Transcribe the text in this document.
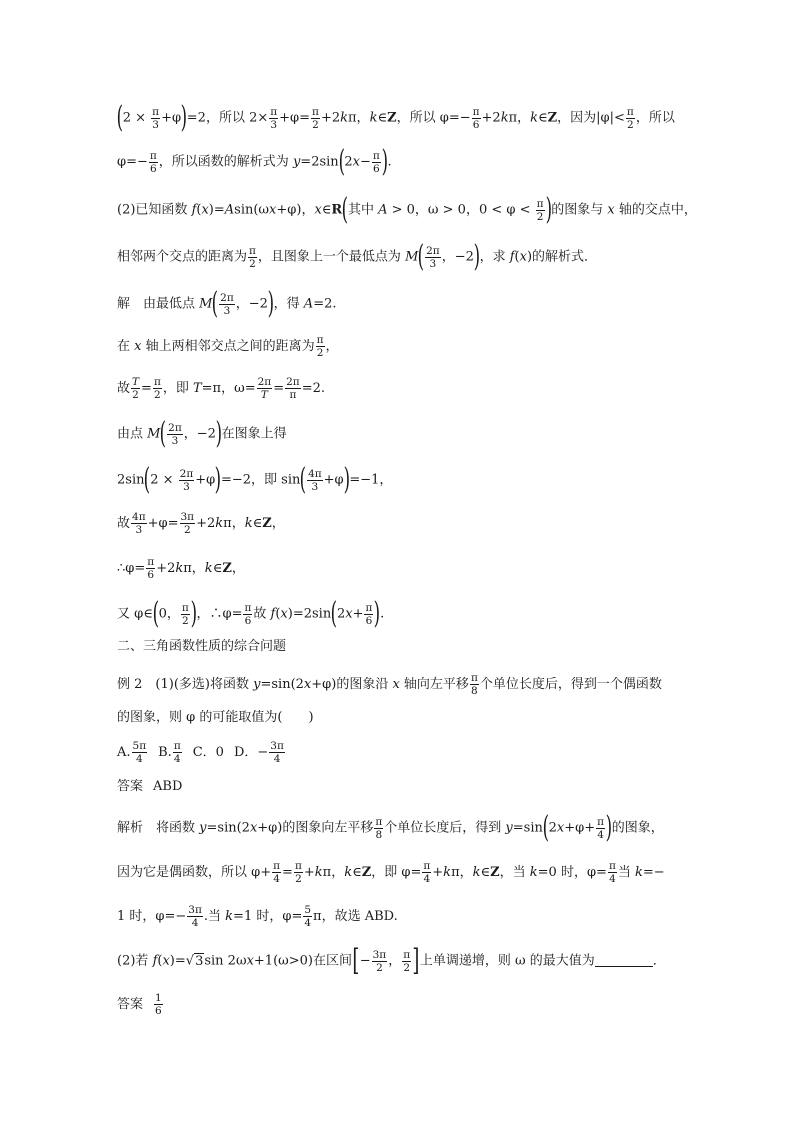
$(2 \times \frac{\pi}{3} +\varphi)=2$，所以 $2\times \frac{\pi}{3} +\varphi= \frac{\pi}{2} +2k\pi$，k∈Z，所以 $\varphi=- \frac{\pi}{6} +2k\pi$，k∈Z，因为$|\varphi|< \frac{\pi}{2}$ ，所以
$\varphi=- \frac{\pi}{6}$ ，所以函数的解析式为 $y=2\sin(2x- \frac{\pi}{6}$ ).
(2)已知函数 f(x)=Asin(ωx+φ)，x∈R(其中 A > 0，ω > 0，$0 < \varphi < \frac{\pi}{2}$ )的图象与 x 轴的交点中，
相邻两个交点的距离为 $\frac{\pi}{2}$ ，且图象上一个最低点为 $M( \frac{2\pi}{3}$ ，−2)，求 f(x)的解析式．
解　由最低点 $M( \frac{2\pi}{3}$ ，−2)，得 A=2.
在 x 轴上两相邻交点之间的距离为 $\frac{\pi}{2}$ ，
故 $\frac{T}{2} = \frac{\pi}{2}$ ，即 T=π，$\omega= \frac{2\pi}{T} = \frac{2\pi}{\pi} =2$.
由点 $M( \frac{2\pi}{3}$ ，−2)在图象上得
$2\sin(2 \times \frac{2\pi}{3} +\varphi)=-2$，即 $\sin( \frac{4\pi}{3} +\varphi)=-1$，
故 $\frac{4\pi}{3} +\varphi= \frac{3\pi}{2} +2k\pi$，k∈Z，
∴φ= $\frac{\pi}{6} +2k\pi$，k∈Z，
又 φ∈(0， $\frac{\pi}{2}$ )，∴φ= $\frac{\pi}{6}$ 故 $f(x)=2\sin(2x+ \frac{\pi}{6}$ ).
二、三角函数性质的综合问题
例 2　(1)(多选)将函数 y=sin(2x+φ)的图象沿 x 轴向左平移 $\frac{\pi}{8}$ 个单位长度后，得到一个偶函数
的图象，则 φ 的可能取值为(　　)
A. $\frac{5\pi}{4} B$. $\frac{\pi}{4}$ C．0 D．− $\frac{3\pi}{4}$
答案 ABD
解析　将函数 y=sin(2x+φ)的图象向左平移 $\frac{\pi}{8}$ 个单位长度后，得到 $y=\sin(2x+\varphi+ \frac{\pi}{4}$ )的图象，
因为它是偶函数，所以 $\varphi+ \frac{\pi}{4} = \frac{\pi}{2} +k\pi$，k∈Z，即 $\varphi= \frac{\pi}{4} +k\pi$，k∈Z，当 k=0 时，$\varphi= \frac{\pi}{4}$ 当 k=−
1 时，$\varphi=- \frac{3\pi}{4}$ .当 k=1 时，$\varphi= \frac{5}{4}$ π，故选 ABD.
(2)若 f(x)=√3sin 2ωx+1(ω>0)在区间[− $\frac{3\pi}{2}$ ， $\frac{\pi}{2}$ ]上单调递增，则 ω 的最大值为	．
答案 $\frac{1}{6}$
